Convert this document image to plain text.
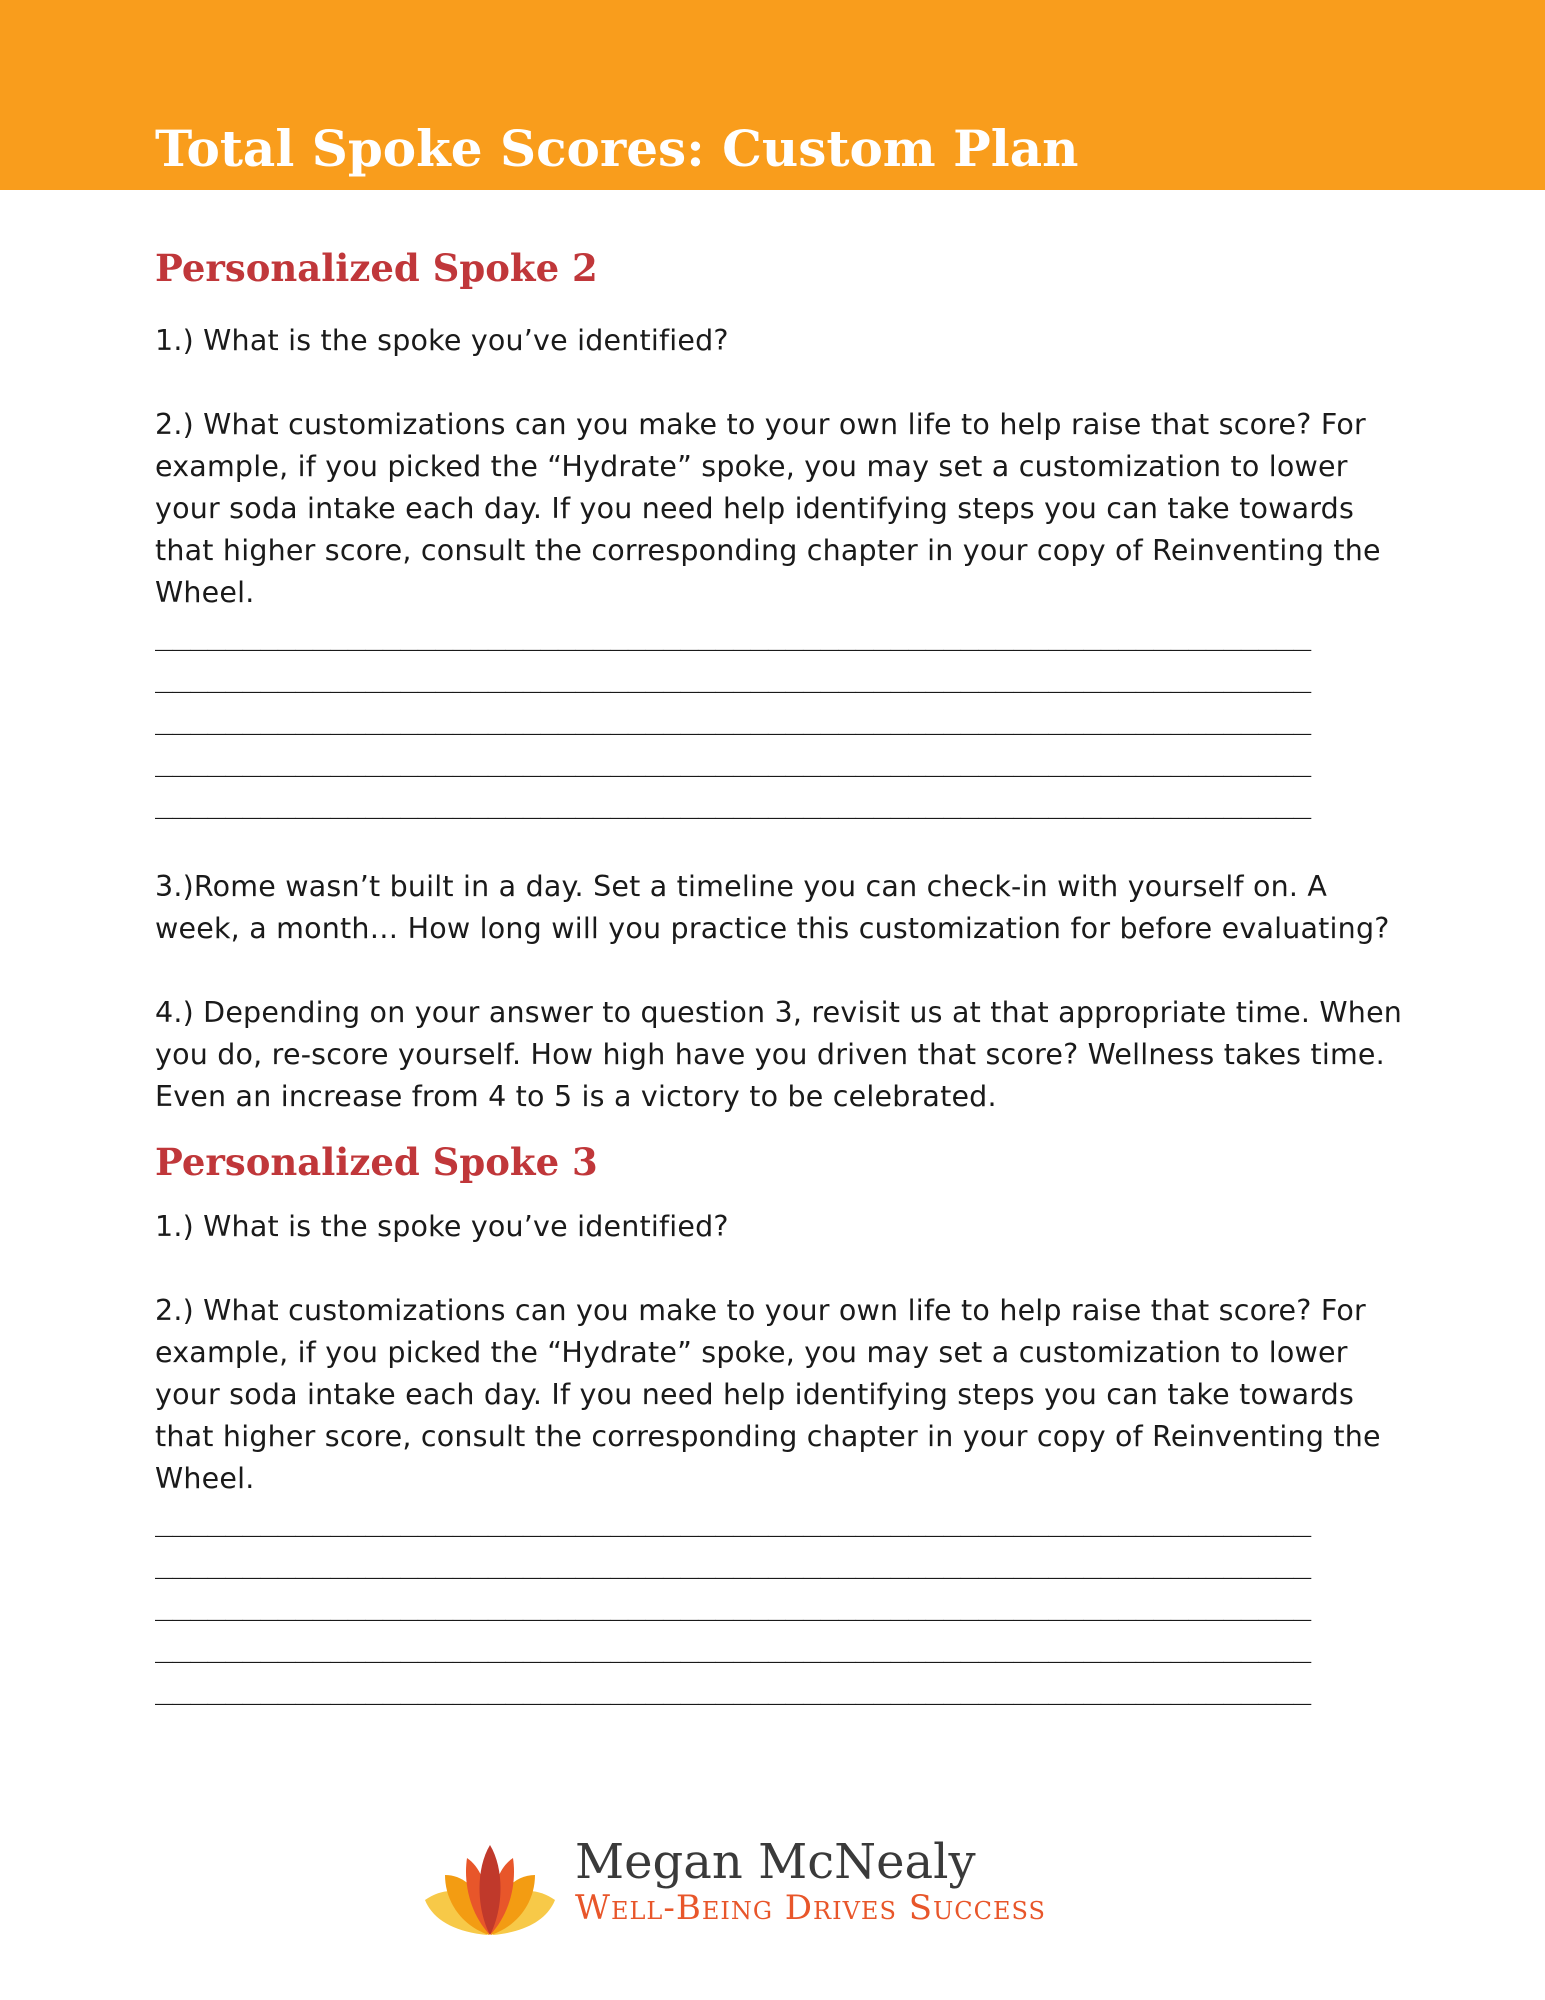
Total Spoke Scores: Custom Plan
Personalized Spoke 2

1.) What is the spoke you’ve identified?

2.) What customizations can you make to your own life to help raise that score? For example, if you picked the “Hydrate” spoke, you may set a customization to lower your soda intake each day. If you need help identifying steps you can take towards that higher score, consult the corresponding chapter in your copy of Reinventing the Wheel.

__________________________________________________________________
__________________________________________________________________
__________________________________________________________________
__________________________________________________________________
__________________________________________________________________

3.)Rome wasn’t built in a day. Set a timeline you can check-in with yourself on. A week, a month… How long will you practice this customization for before evaluating?

4.) Depending on your answer to question 3, revisit us at that appropriate time. When you do, re-score yourself. How high have you driven that score? Wellness takes time. Even an increase from 4 to 5 is a victory to be celebrated.

Personalized Spoke 3

1.) What is the spoke you’ve identified?

2.) What customizations can you make to your own life to help raise that score? For example, if you picked the “Hydrate” spoke, you may set a customization to lower your soda intake each day. If you need help identifying steps you can take towards that higher score, consult the corresponding chapter in your copy of Reinventing the Wheel.

__________________________________________________________________
__________________________________________________________________
__________________________________________________________________
__________________________________________________________________
__________________________________________________________________
Megan McNealy
Well-Being Drives Success
